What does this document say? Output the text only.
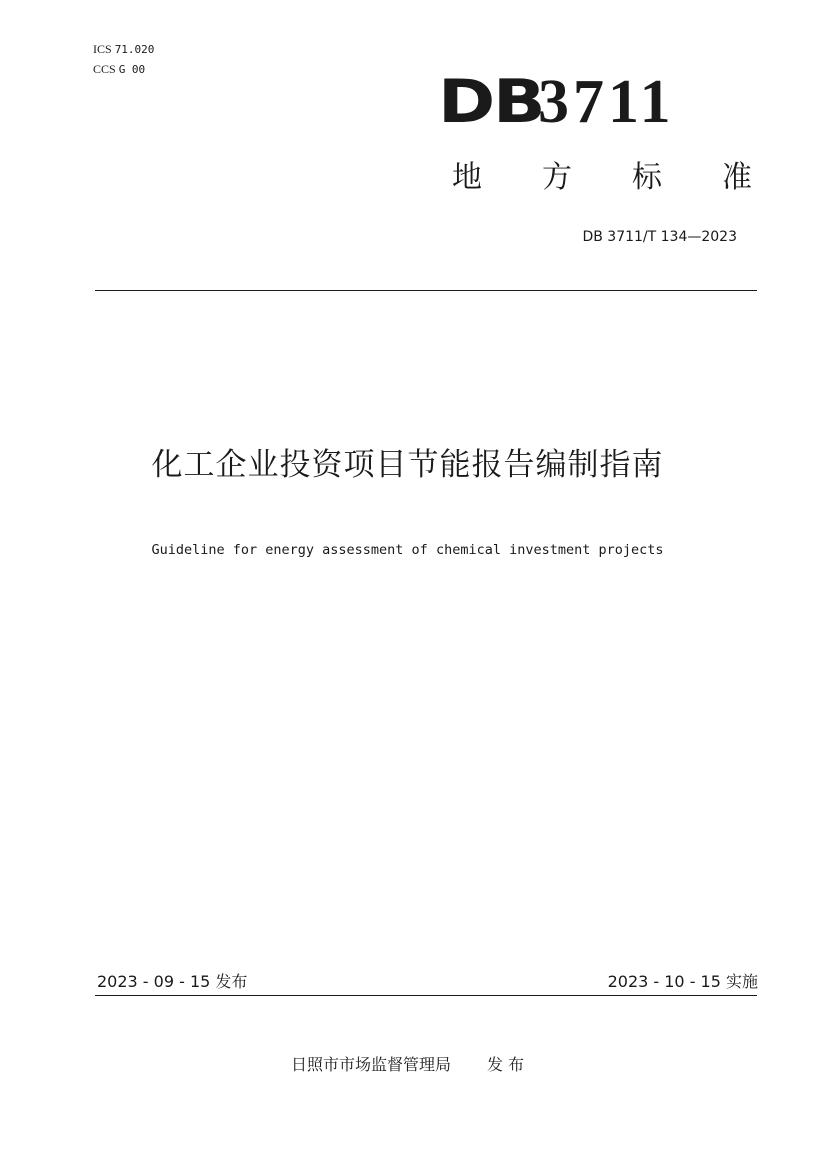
ICS 71.020
CCS G 00	DB
3711
地 方 标 准
DB 3711/T 134—2023
化工企业投资项目节能报告编制指南
Guideline for energy assessment of chemical investment projects
2023 - 09 - 15 发布	2023 - 10 - 15 实施
日照市市场监督管理局 发 布
